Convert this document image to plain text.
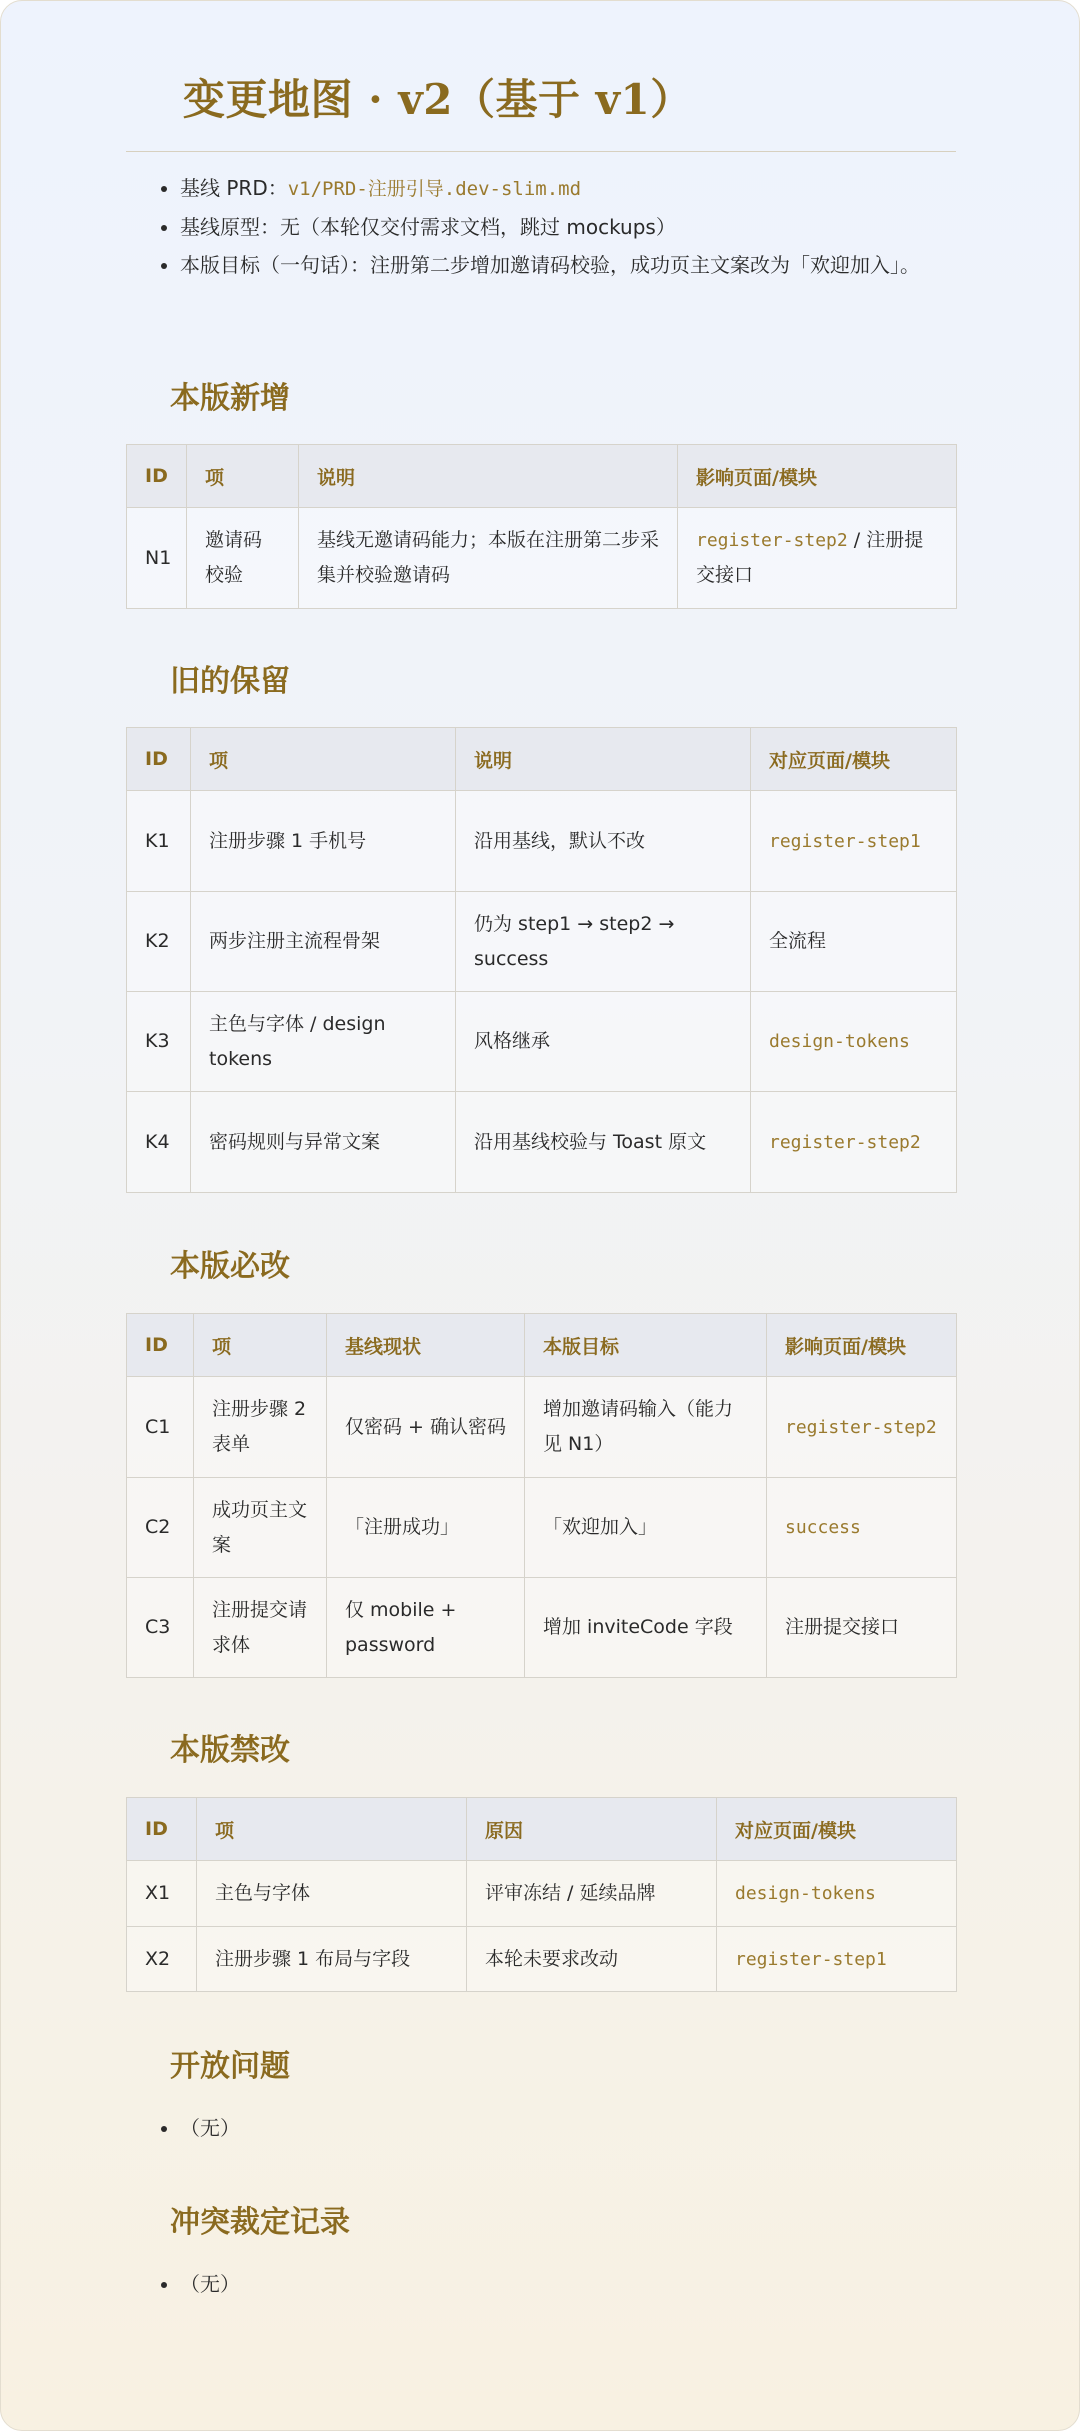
变更地图 · v2（基于 v1）
• 基线 PRD：v1/PRD-注册引导.dev-slim.md
• 基线原型：无（本轮仅交付需求文档，跳过 mockups）
• 本版目标（一句话）：注册第二步增加邀请码校验，成功页主文案改为「欢迎加入」。
本版新增
ID	项	说明	影响页面/模块
N1	邀请码校验	基线无邀请码能力；本版在注册第二步采集并校验邀请码	register-step2 / 注册提交接口
旧的保留
ID	项	说明	对应页面/模块
K1	注册步骤 1 手机号	沿用基线，默认不改	register-step1
K2	两步注册主流程骨架	仍为 step1 → step2 → success	全流程
K3	主色与字体 / design tokens	风格继承	design-tokens
K4	密码规则与异常文案	沿用基线校验与 Toast 原文	register-step2
本版必改
ID	项	基线现状	本版目标	影响页面/模块
C1	注册步骤 2 表单	仅密码 + 确认密码	增加邀请码输入（能力见 N1）	register-step2
C2	成功页主文案	「注册成功」	「欢迎加入」	success
C3	注册提交请求体	仅 mobile + password	增加 inviteCode 字段	注册提交接口
本版禁改
ID	项	原因	对应页面/模块
X1	主色与字体	评审冻结 / 延续品牌	design-tokens
X2	注册步骤 1 布局与字段	本轮未要求改动	register-step1
开放问题
• （无）
冲突裁定记录
• （无）
